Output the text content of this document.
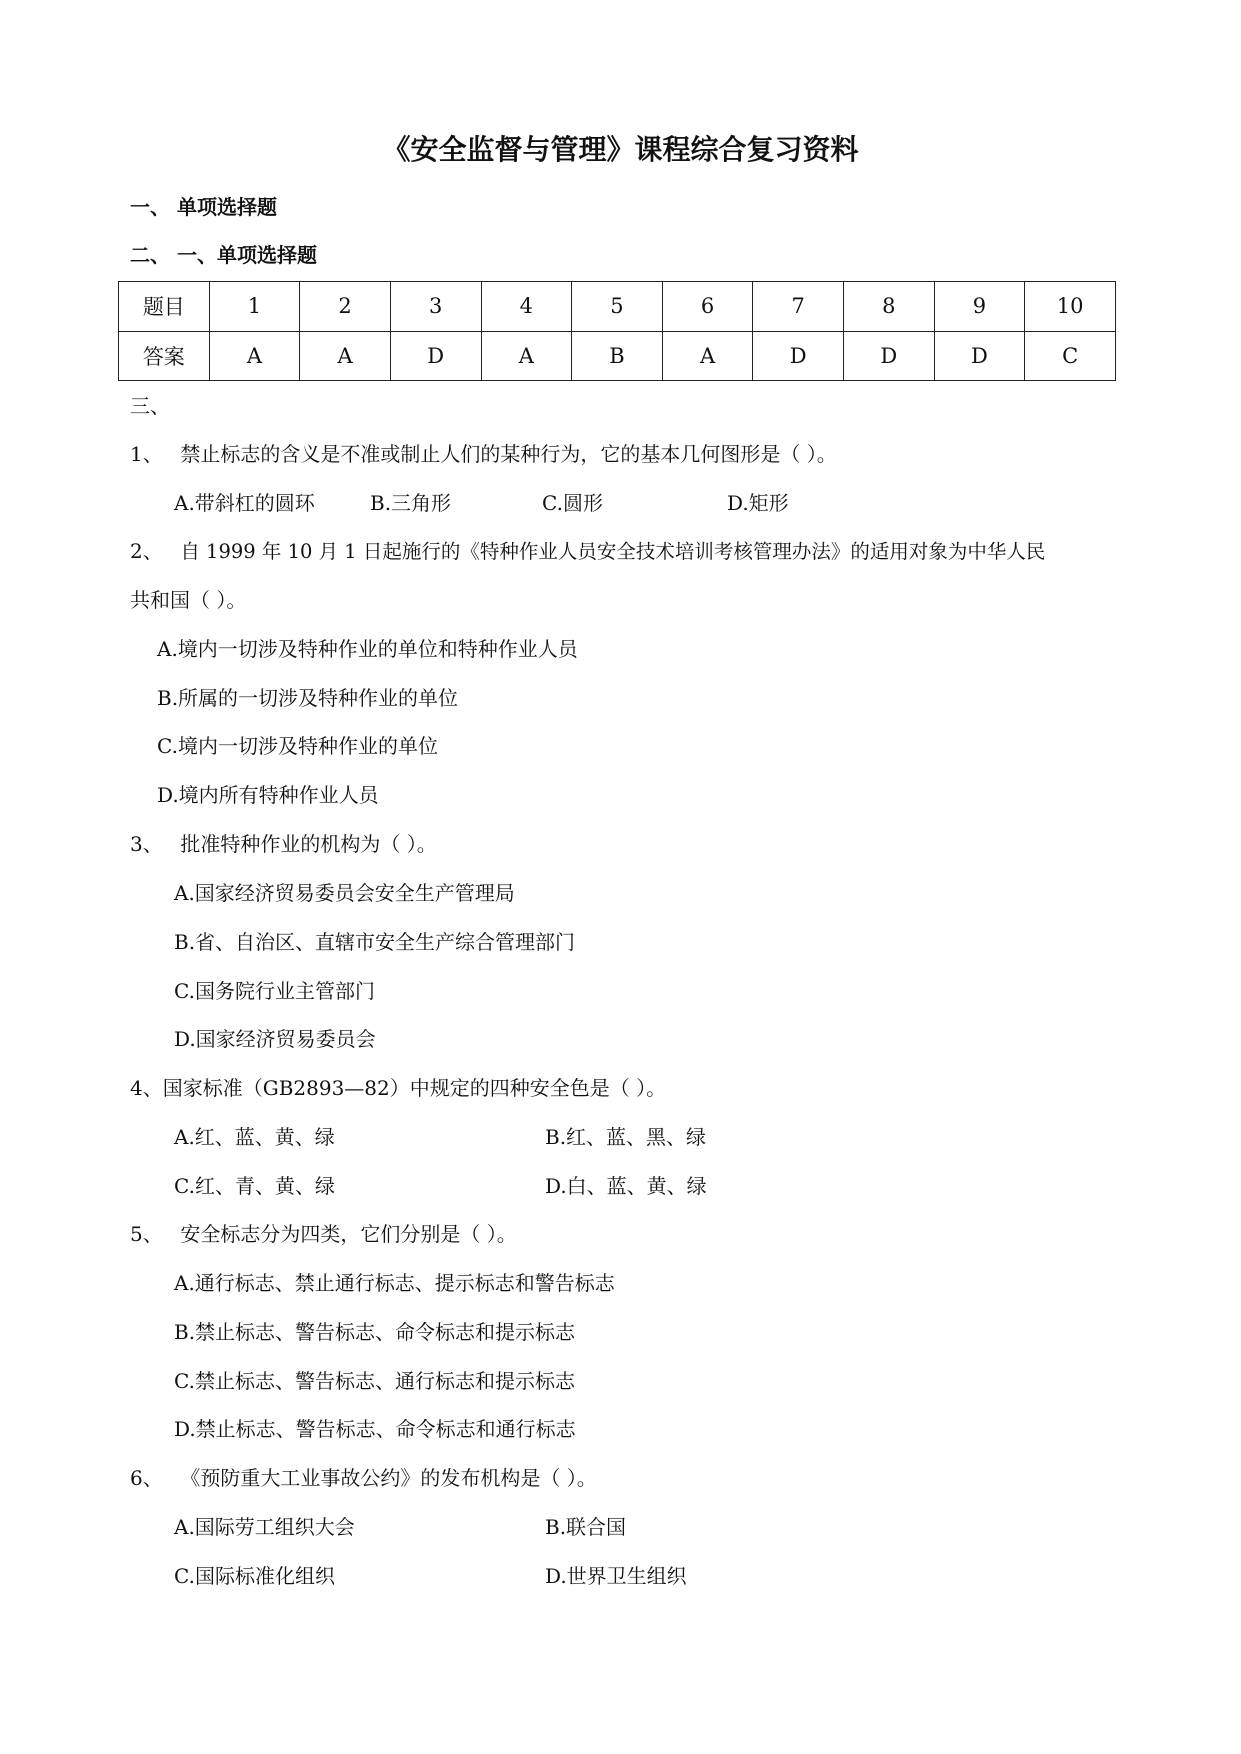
《安全监督与管理》课程综合复习资料
一、 单项选择题
二、 一、单项选择题
题目	1	2	3	4	5	6	7	8	9	10
答案	A	A	D	A	B	A	D	D	D	C
三、
1、 禁止标志的含义是不准或制止人们的某种行为，它的基本几何图形是（ ）。
A.带斜杠的圆环	B.三角形	C.圆形	D.矩形
2、 自 1999 年 10 月 1 日起施行的《特种作业人员安全技术培训考核管理办法》的适用对象为中华人民
共和国（ ）。
A.境内一切涉及特种作业的单位和特种作业人员
B.所属的一切涉及特种作业的单位
C.境内一切涉及特种作业的单位
D.境内所有特种作业人员
3、 批准特种作业的机构为（ ）。
A.国家经济贸易委员会安全生产管理局
B.省、自治区、直辖市安全生产综合管理部门
C.国务院行业主管部门
D.国家经济贸易委员会
4、国家标准（GB2893—82）中规定的四种安全色是（ ）。
A.红、蓝、黄、绿	B.红、蓝、黑、绿
C.红、青、黄、绿	D.白、蓝、黄、绿
5、 安全标志分为四类，它们分别是（ ）。
A.通行标志、禁止通行标志、提示标志和警告标志
B.禁止标志、警告标志、命令标志和提示标志
C.禁止标志、警告标志、通行标志和提示标志
D.禁止标志、警告标志、命令标志和通行标志
6、 《预防重大工业事故公约》的发布机构是（ ）。
A.国际劳工组织大会	B.联合国
C.国际标准化组织	D.世界卫生组织
